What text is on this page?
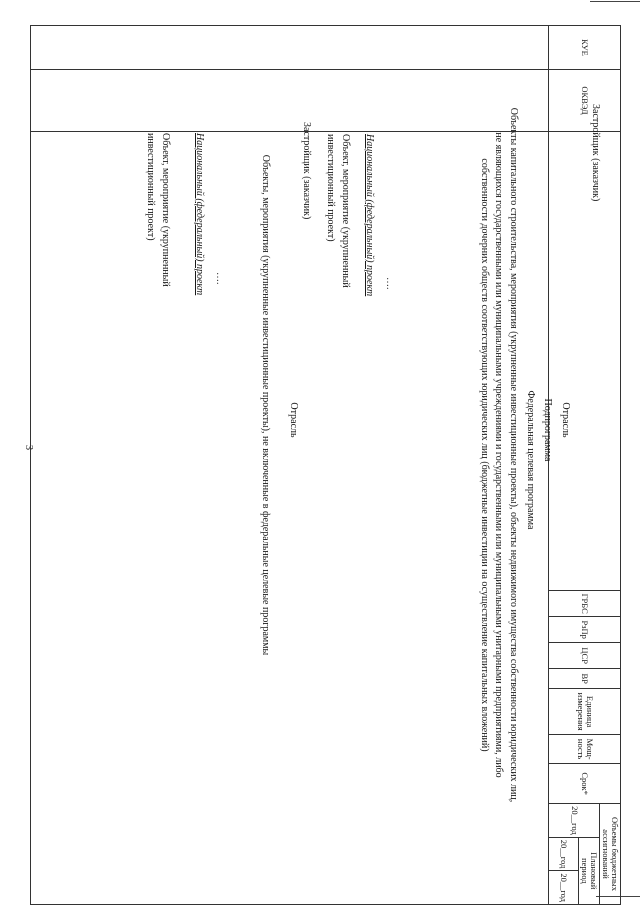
3
КУЕ	ОКВЭД		ГРБС	РзПр	ЦСР	ВР	Единица измерения	Мощ- ность	Срок*	Объемы бюджетных ассигнований		
										20__год	Плановый период	
											20__год	20__год

Объект, мероприятие (укрупненный инвестиционный проект)	Национальный (федеральный) проект ….	Объекты, мероприятия (укрупненные инвестиционные проекты), не включенные в федеральные целевые программы Отрасль
Застройщик (заказчик)	Объект, мероприятие (укрупненный инвестиционный проект)	Национальный (федеральный) проект ….	Объекты капитального строительства, мероприятия (укрупненные инвестиционные проекты), объекты недвижимого имущества собственности юридических лиц, не являющихся государственными или муниципальными учреждениями и государственными или муниципальными унитарными предприятиями, либо собственности дочерних обществ соответствующих юридических лиц (бюджетные инвестиции на осуществление капитальных вложений)	Федеральная целевая программа Подпрограмма Отрасль
Застройщик (заказчик)
